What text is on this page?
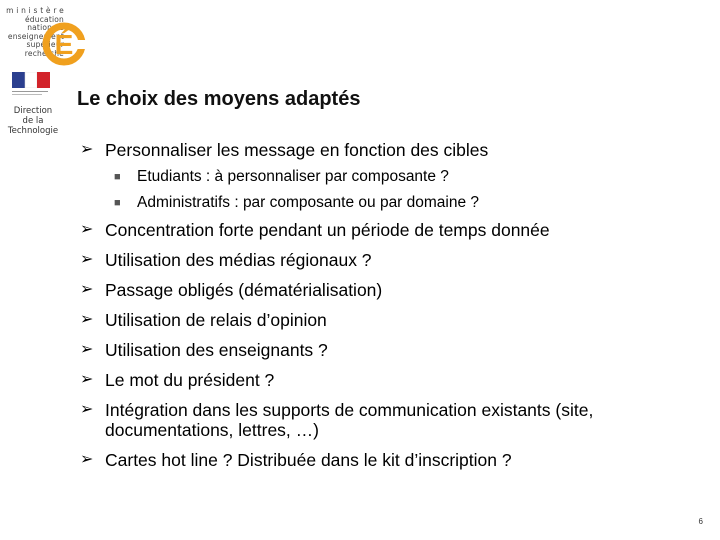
m i n i s t è r e
éducation
nationale
enseignement
supérieur
recherche
É
Direction
de la
Technologie
Le choix des moyens adaptés
➢ Personnaliser les message en fonction des cibles
■ Etudiants : à personnaliser par composante ?
■ Administratifs : par composante ou par domaine ?
➢ Concentration forte pendant un période de temps donnée
➢ Utilisation des médias régionaux ?
➢ Passage obligés (dématérialisation)
➢ Utilisation de relais d’opinion
➢ Utilisation des enseignants ?
➢ Le mot du président ?
➢ Intégration dans les supports de communication existants (site, documentations, lettres, …)
➢ Cartes hot line ? Distribuée dans le kit d’inscription ?
6
